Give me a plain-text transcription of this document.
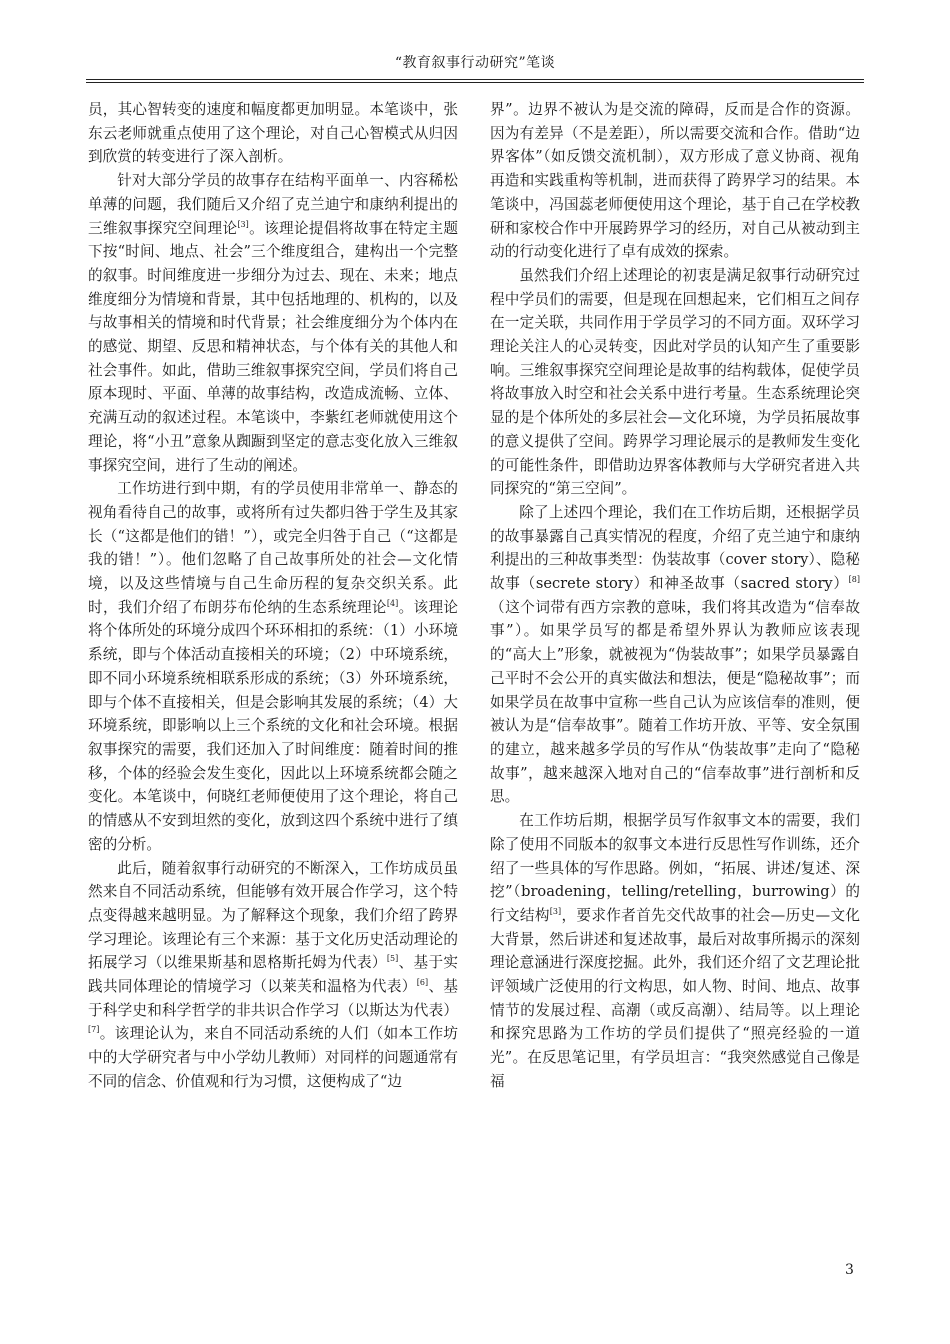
“教育叙事行动研究”笔谈

员，其心智转变的速度和幅度都更加明显。本笔谈中，张东云老师就重点使用了这个理论，对自己心智模式从归因到欣赏的转变进行了深入剖析。

针对大部分学员的故事存在结构平面单一、内容稀松单薄的问题，我们随后又介绍了克兰迪宁和康纳利提出的三维叙事探究空间理论[3]。该理论提倡将故事在特定主题下按“时间、地点、社会”三个维度组合，建构出一个完整的叙事。时间维度进一步细分为过去、现在、未来；地点维度细分为情境和背景，其中包括地理的、机构的，以及与故事相关的情境和时代背景；社会维度细分为个体内在的感觉、期望、反思和精神状态，与个体有关的其他人和社会事件。如此，借助三维叙事探究空间，学员们将自己原本现时、平面、单薄的故事结构，改造成流畅、立体、充满互动的叙述过程。本笔谈中，李紫红老师就使用这个理论，将“小丑”意象从踟蹰到坚定的意志变化放入三维叙事探究空间，进行了生动的阐述。

工作坊进行到中期，有的学员使用非常单一、静态的视角看待自己的故事，或将所有过失都归咎于学生及其家长（“这都是他们的错！”），或完全归咎于自己（“这都是我的错！”）。他们忽略了自己故事所处的社会—文化情境，以及这些情境与自己生命历程的复杂交织关系。此时，我们介绍了布朗芬布伦纳的生态系统理论[4]。该理论将个体所处的环境分成四个环环相扣的系统：（1）小环境系统，即与个体活动直接相关的环境；（2）中环境系统，即不同小环境系统相联系形成的系统；（3）外环境系统，即与个体不直接相关，但是会影响其发展的系统；（4）大环境系统，即影响以上三个系统的文化和社会环境。根据叙事探究的需要，我们还加入了时间维度：随着时间的推移，个体的经验会发生变化，因此以上环境系统都会随之变化。本笔谈中，何晓红老师便使用了这个理论，将自己的情感从不安到坦然的变化，放到这四个系统中进行了缜密的分析。

此后，随着叙事行动研究的不断深入，工作坊成员虽然来自不同活动系统，但能够有效开展合作学习，这个特点变得越来越明显。为了解释这个现象，我们介绍了跨界学习理论。该理论有三个来源：基于文化历史活动理论的拓展学习（以维果斯基和恩格斯托姆为代表）[5]、基于实践共同体理论的情境学习（以莱芙和温格为代表）[6]、基于科学史和科学哲学的非共识合作学习（以斯达为代表）[7]。该理论认为，来自不同活动系统的人们（如本工作坊中的大学研究者与中小学幼儿教师）对同样的问题通常有不同的信念、价值观和行为习惯，这便构成了“边

界”。边界不被认为是交流的障碍，反而是合作的资源。因为有差异（不是差距），所以需要交流和合作。借助“边界客体”（如反馈交流机制），双方形成了意义协商、视角再造和实践重构等机制，进而获得了跨界学习的结果。本笔谈中，冯国蕊老师便使用这个理论，基于自己在学校教研和家校合作中开展跨界学习的经历，对自己从被动到主动的行动变化进行了卓有成效的探索。

虽然我们介绍上述理论的初衷是满足叙事行动研究过程中学员们的需要，但是现在回想起来，它们相互之间存在一定关联，共同作用于学员学习的不同方面。双环学习理论关注人的心灵转变，因此对学员的认知产生了重要影响。三维叙事探究空间理论是故事的结构载体，促使学员将故事放入时空和社会关系中进行考量。生态系统理论突显的是个体所处的多层社会—文化环境，为学员拓展故事的意义提供了空间。跨界学习理论展示的是教师发生变化的可能性条件，即借助边界客体教师与大学研究者进入共同探究的“第三空间”。

除了上述四个理论，我们在工作坊后期，还根据学员的故事暴露自己真实情况的程度，介绍了克兰迪宁和康纳利提出的三种故事类型：伪装故事（cover story）、隐秘故事（secrete story）和神圣故事（sacred story）[8]（这个词带有西方宗教的意味，我们将其改造为“信奉故事”）。如果学员写的都是希望外界认为教师应该表现的“高大上”形象，就被视为“伪装故事”；如果学员暴露自己平时不会公开的真实做法和想法，便是“隐秘故事”；而如果学员在故事中宣称一些自己认为应该信奉的准则，便被认为是“信奉故事”。随着工作坊开放、平等、安全氛围的建立，越来越多学员的写作从“伪装故事”走向了“隐秘故事”，越来越深入地对自己的“信奉故事”进行剖析和反思。

在工作坊后期，根据学员写作叙事文本的需要，我们除了使用不同版本的叙事文本进行反思性写作训练，还介绍了一些具体的写作思路。例如，“拓展、讲述/复述、深挖”（broadening，telling/retelling，burrowing）的行文结构[3]，要求作者首先交代故事的社会—历史—文化大背景，然后讲述和复述故事，最后对故事所揭示的深刻理论意涵进行深度挖掘。此外，我们还介绍了文艺理论批评领域广泛使用的行文构思，如人物、时间、地点、故事情节的发展过程、高潮（或反高潮）、结局等。以上理论和探究思路为工作坊的学员们提供了“照亮经验的一道光”。在反思笔记里，有学员坦言：“我突然感觉自己像是福

3
